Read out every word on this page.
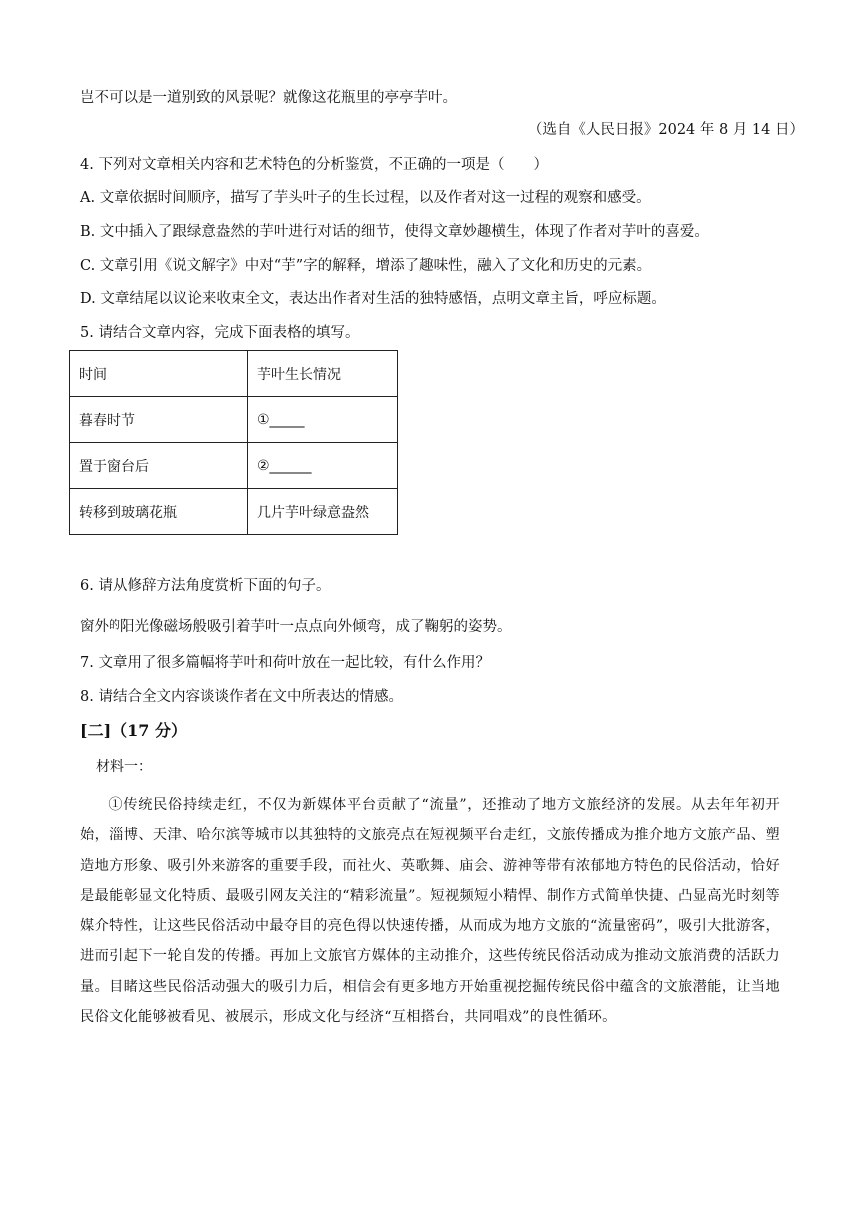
岂不可以是一道别致的风景呢？就像这花瓶里的亭亭芋叶。
（选自《人民日报》2024 年 8 月 14 日）
4. 下列对文章相关内容和艺术特色的分析鉴赏，不正确的一项是（　　）
A. 文章依据时间顺序，描写了芋头叶子的生长过程，以及作者对这一过程的观察和感受。
B. 文中插入了跟绿意盎然的芋叶进行对话的细节，使得文章妙趣横生，体现了作者对芋叶的喜爱。
C. 文章引用《说文解字》中对“芋”字的解释，增添了趣味性，融入了文化和历史的元素。
D. 文章结尾以议论来收束全文，表达出作者对生活的独特感悟，点明文章主旨，呼应标题。
5. 请结合文章内容，完成下面表格的填写。
时间	芋叶生长情况
暮春时节	①_____
置于窗台后	②______
转移到玻璃花瓶	几片芋叶绿意盎然
6. 请从修辞方法角度赏析下面的句子。
窗外$^的$阳光像磁场般吸引着芋叶一点点向外倾弯，成了鞠躬的姿势。
7. 文章用了很多篇幅将芋叶和荷叶放在一起比较，有什么作用？
8. 请结合全文内容谈谈作者在文中所表达的情感。
[二]（17 分）
材料一：
①传统民俗持续走红，不仅为新媒体平台贡献了“流量”，还推动了地方文旅经济的发展。从去年年初开始，淄博、天津、哈尔滨等城市以其独特的文旅亮点在短视频平台走红，文旅传播成为推介地方文旅产品、塑造地方形象、吸引外来游客的重要手段，而社火、英歌舞、庙会、游神等带有浓郁地方特色的民俗活动，恰好是最能彰显文化特质、最吸引网友关注的“精彩流量”。短视频短小精悍、制作方式简单快捷、凸显高光时刻等媒介特性，让这些民俗活动中最夺目的亮色得以快速传播，从而成为地方文旅的“流量密码”，吸引大批游客，进而引起下一轮自发的传播。再加上文旅官方媒体的主动推介，这些传统民俗活动成为推动文旅消费的活跃力量。目睹这些民俗活动强大的吸引力后，相信会有更多地方开始重视挖掘传统民俗中蕴含的文旅潜能，让当地民俗文化能够被看见、被展示，形成文化与经济“互相搭台，共同唱戏”的良性循环。
